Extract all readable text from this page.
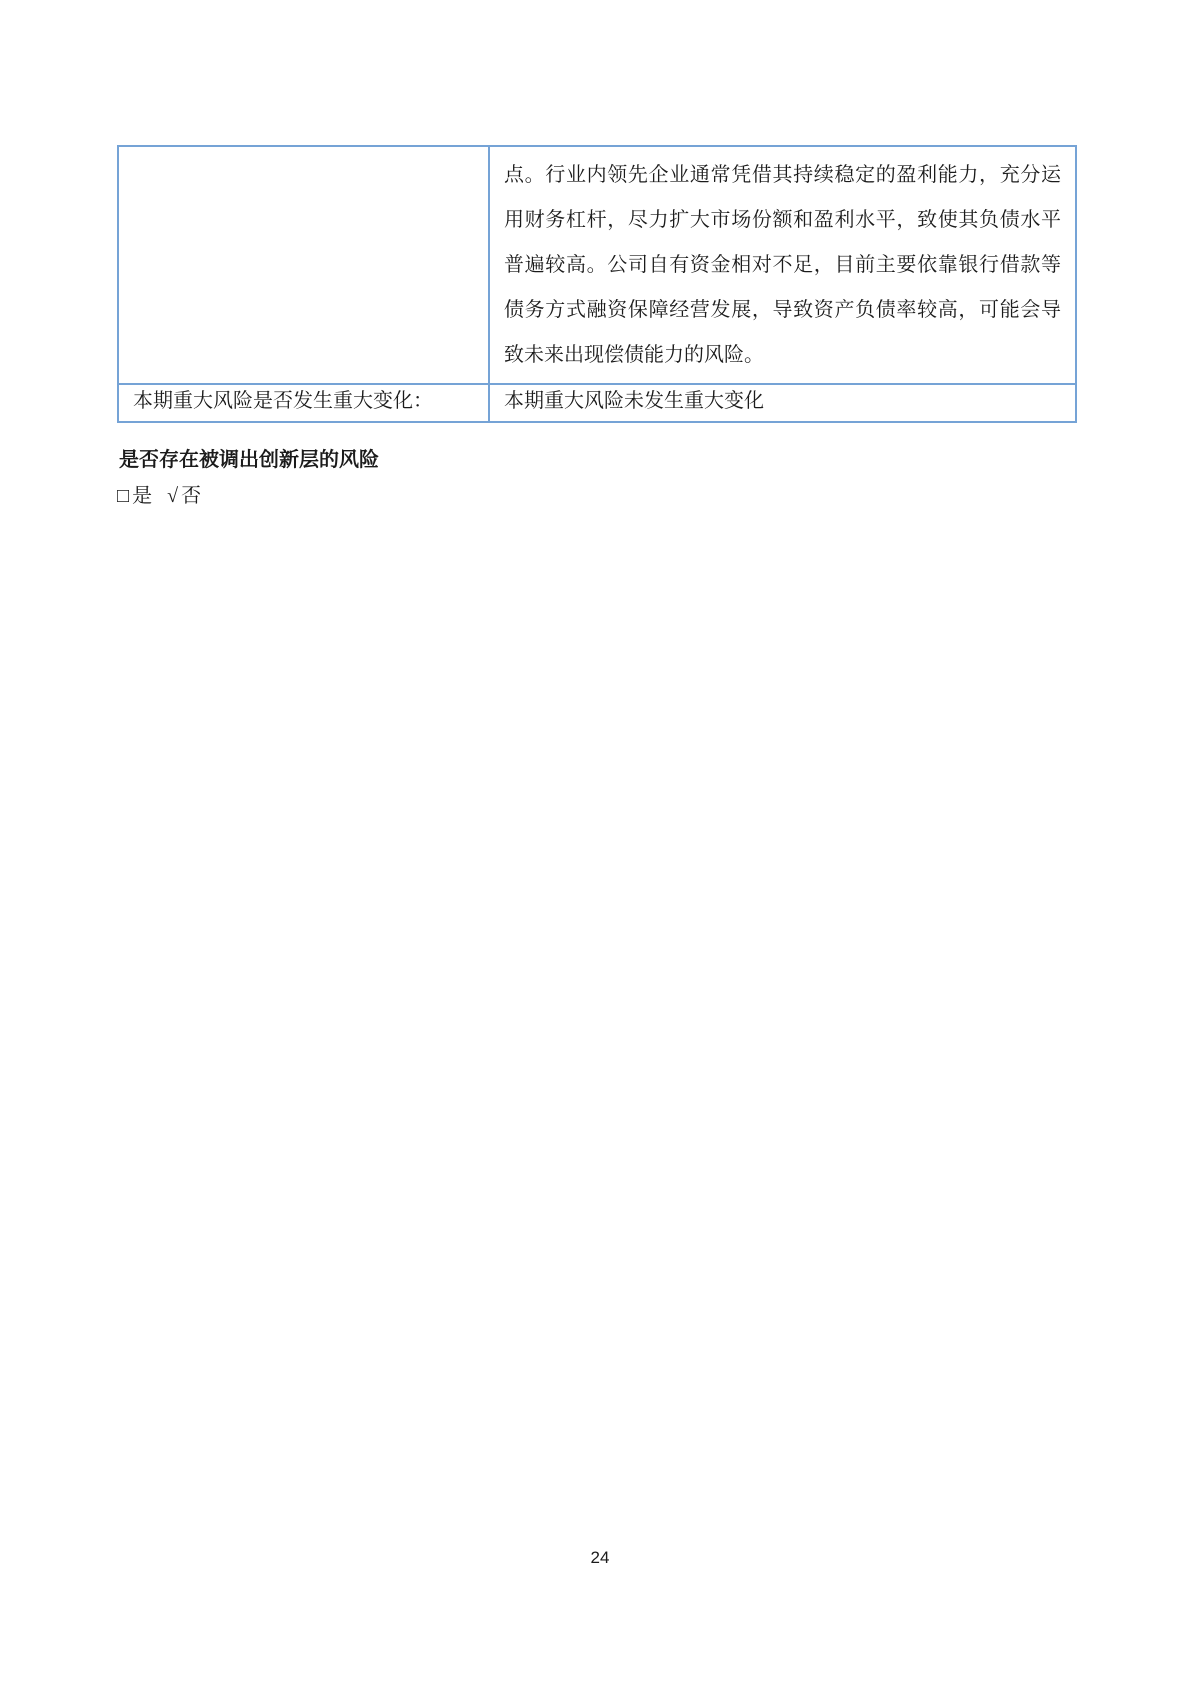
点。行业内领先企业通常凭借其持续稳定的盈利能力，充分运
用财务杠杆，尽力扩大市场份额和盈利水平，致使其负债水平
普遍较高。公司自有资金相对不足，目前主要依靠银行借款等
债务方式融资保障经营发展，导致资产负债率较高，可能会导
致未来出现偿债能力的风险。
本期重大风险是否发生重大变化：	本期重大风险未发生重大变化
是否存在被调出创新层的风险
□ 是 √ 否
24
